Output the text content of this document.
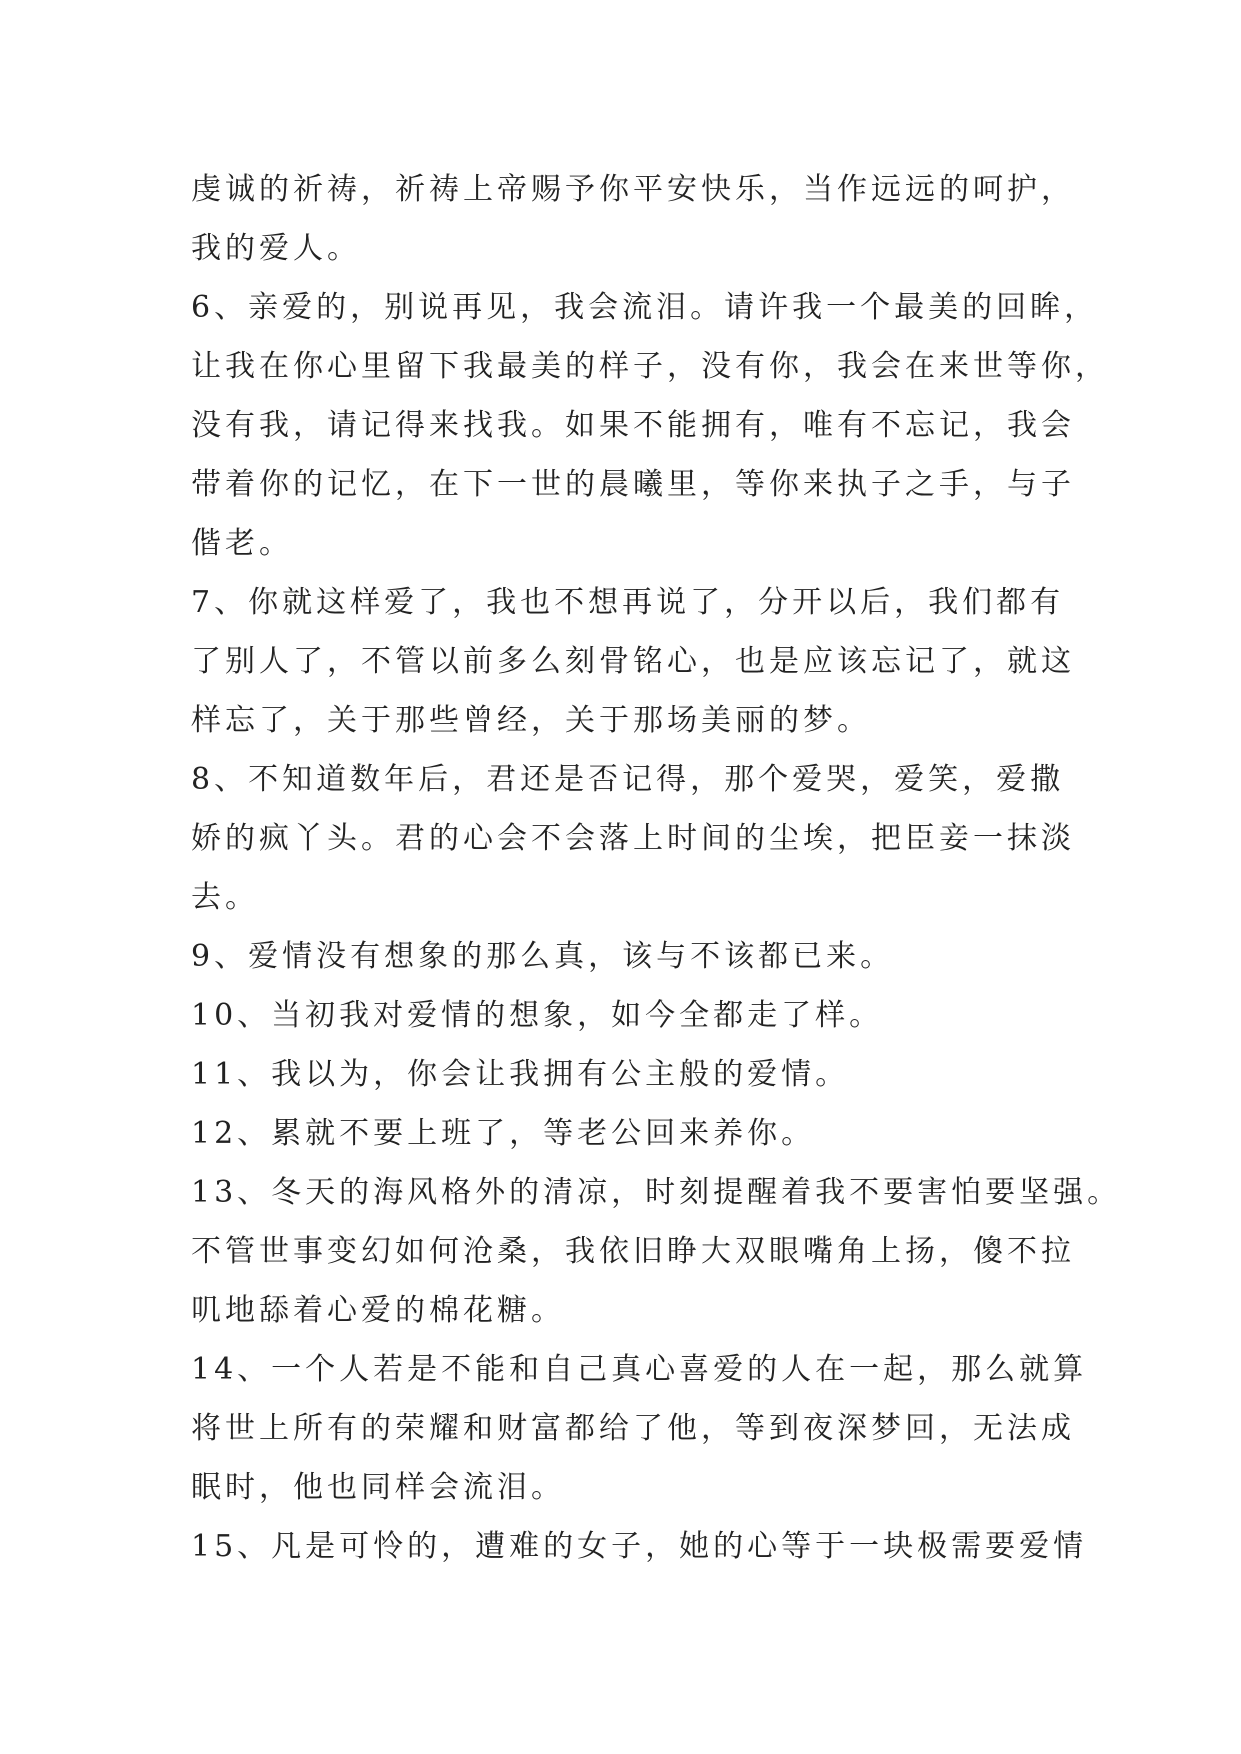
虔诚的祈祷，祈祷上帝赐予你平安快乐，当作远远的呵护，
我的爱人。
6、亲爱的，别说再见，我会流泪。请许我一个最美的回眸，
让我在你心里留下我最美的样子，没有你，我会在来世等你，
没有我，请记得来找我。如果不能拥有，唯有不忘记，我会
带着你的记忆，在下一世的晨曦里，等你来执子之手，与子
偕老。
7、你就这样爱了，我也不想再说了，分开以后，我们都有
了别人了，不管以前多么刻骨铭心，也是应该忘记了，就这
样忘了，关于那些曾经，关于那场美丽的梦。
8、不知道数年后，君还是否记得，那个爱哭，爱笑，爱撒
娇的疯丫头。君的心会不会落上时间的尘埃，把臣妾一抹淡
去。
9、爱情没有想象的那么真，该与不该都已来。
10、当初我对爱情的想象，如今全都走了样。
11、我以为，你会让我拥有公主般的爱情。
12、累就不要上班了，等老公回来养你。
13、冬天的海风格外的清凉，时刻提醒着我不要害怕要坚强。
不管世事变幻如何沧桑，我依旧睁大双眼嘴角上扬，傻不拉
叽地舔着心爱的棉花糖。
14、一个人若是不能和自己真心喜爱的人在一起，那么就算
将世上所有的荣耀和财富都给了他，等到夜深梦回，无法成
眠时，他也同样会流泪。
15、凡是可怜的，遭难的女子，她的心等于一块极需要爱情
